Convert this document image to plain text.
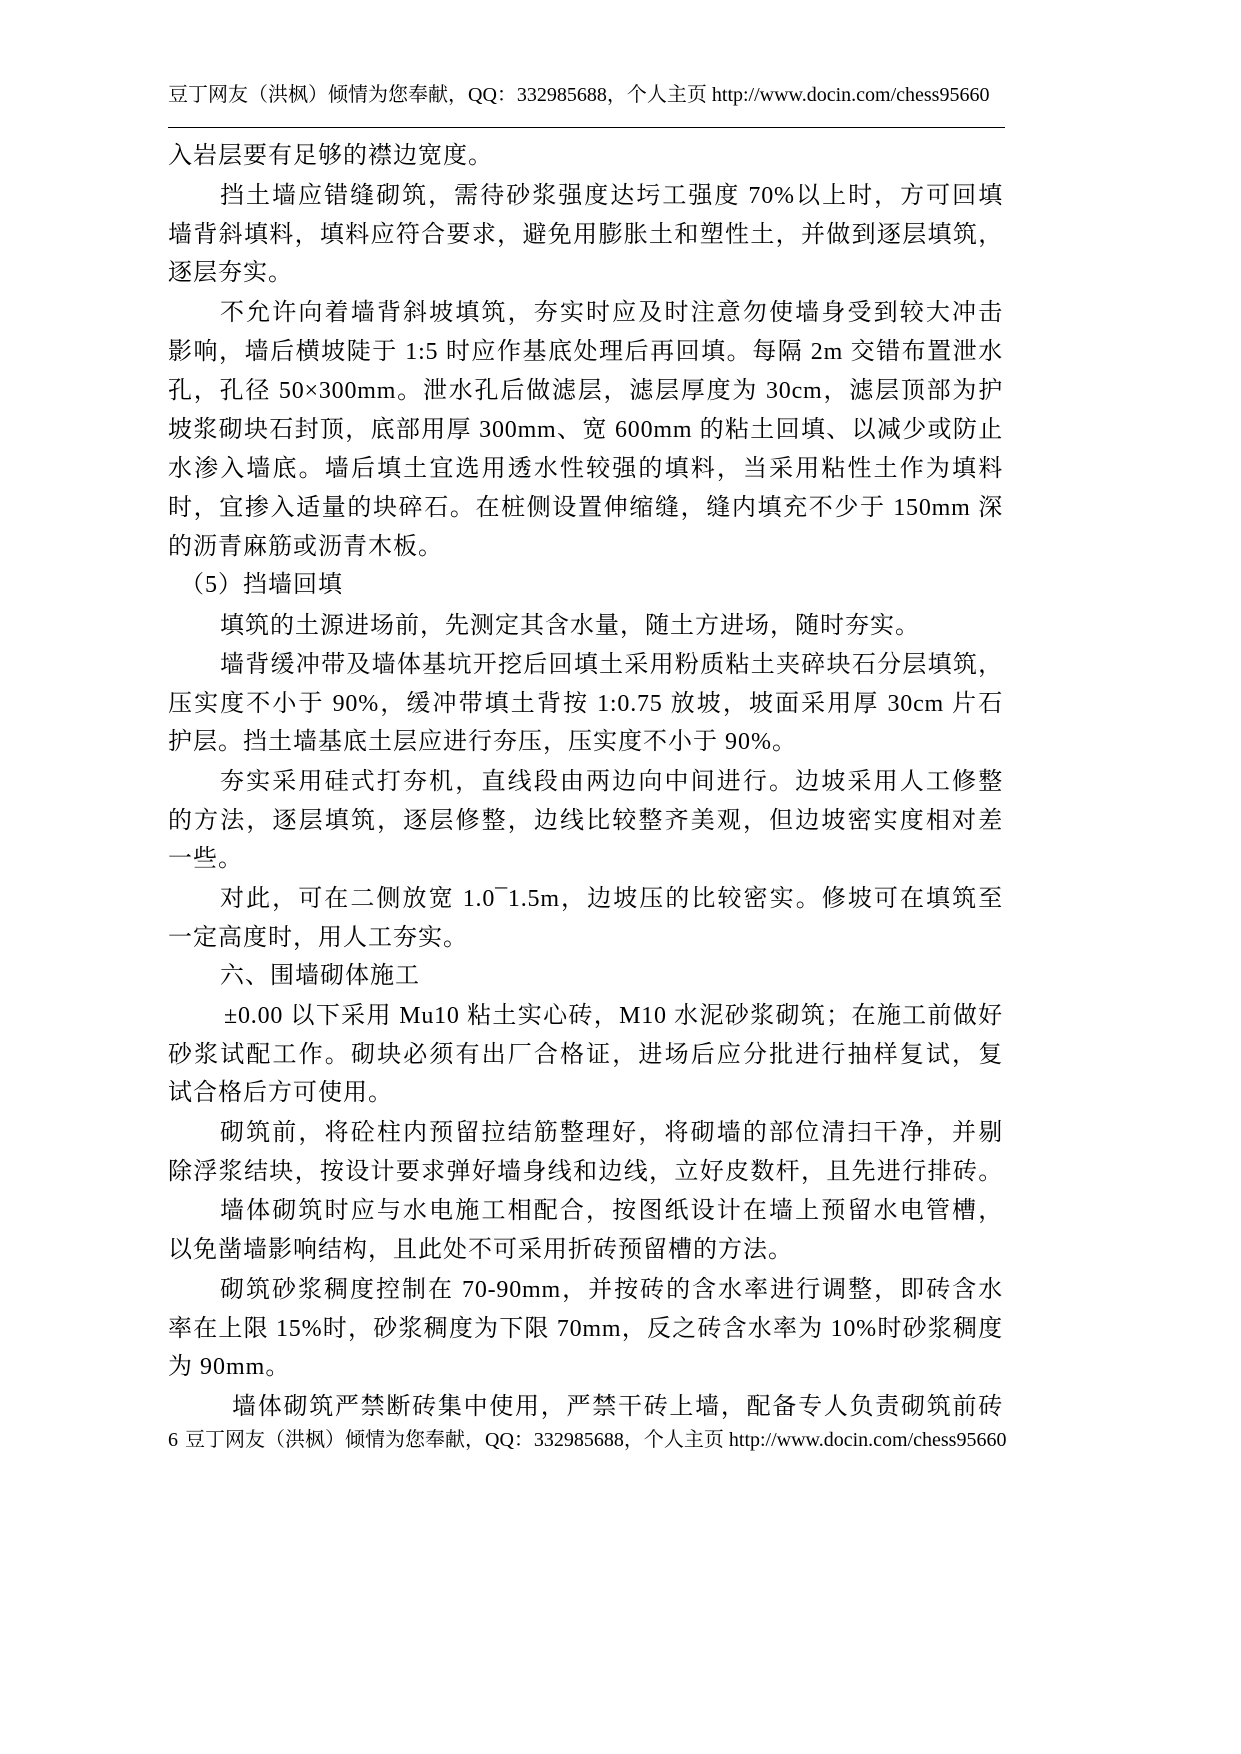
豆丁网友（洪枫）倾情为您奉献，QQ：332985688，个人主页 http://www.docin.com/chess95660
入岩层要有足够的襟边宽度。
挡土墙应错缝砌筑，需待砂浆强度达圬工强度 70%以上时，方可回填
墙背斜填料，填料应符合要求，避免用膨胀土和塑性土，并做到逐层填筑，
逐层夯实。
不允许向着墙背斜坡填筑，夯实时应及时注意勿使墙身受到较大冲击
影响，墙后横坡陡于 1:5 时应作基底处理后再回填。每隔 2m 交错布置泄水
孔，孔径 50×300mm。泄水孔后做滤层，滤层厚度为 30cm，滤层顶部为护
坡浆砌块石封顶，底部用厚 300mm、宽 600mm 的粘土回填、以减少或防止
水渗入墙底。墙后填土宜选用透水性较强的填料，当采用粘性土作为填料
时，宜掺入适量的块碎石。在桩侧设置伸缩缝，缝内填充不少于 150mm 深
的沥青麻筋或沥青木板。
（5）挡墙回填
填筑的土源进场前，先测定其含水量，随土方进场，随时夯实。
墙背缓冲带及墙体基坑开挖后回填土采用粉质粘土夹碎块石分层填筑，
压实度不小于 90%，缓冲带填土背按 1:0.75 放坡，坡面采用厚 30cm 片石
护层。挡土墙基底土层应进行夯压，压实度不小于 90%。
夯实采用硅式打夯机，直线段由两边向中间进行。边坡采用人工修整
的方法，逐层填筑，逐层修整，边线比较整齐美观，但边坡密实度相对差
一些。
对此，可在二侧放宽 1.0¯1.5m，边坡压的比较密实。修坡可在填筑至
一定高度时，用人工夯实。
六、围墙砌体施工
±0.00 以下采用 Mu10 粘土实心砖，M10 水泥砂浆砌筑；在施工前做好
砂浆试配工作。砌块必须有出厂合格证，进场后应分批进行抽样复试，复
试合格后方可使用。
砌筑前，将砼柱内预留拉结筋整理好，将砌墙的部位清扫干净，并剔
除浮浆结块，按设计要求弹好墙身线和边线，立好皮数杆，且先进行排砖。
墙体砌筑时应与水电施工相配合，按图纸设计在墙上预留水电管槽，
以免凿墙影响结构，且此处不可采用折砖预留槽的方法。
砌筑砂浆稠度控制在 70-90mm，并按砖的含水率进行调整，即砖含水
率在上限 15%时，砂浆稠度为下限 70mm，反之砖含水率为 10%时砂浆稠度
为 90mm。
墙体砌筑严禁断砖集中使用，严禁干砖上墙，配备专人负责砌筑前砖
6 豆丁网友（洪枫）倾情为您奉献，QQ：332985688，个人主页 http://www.docin.com/chess95660
